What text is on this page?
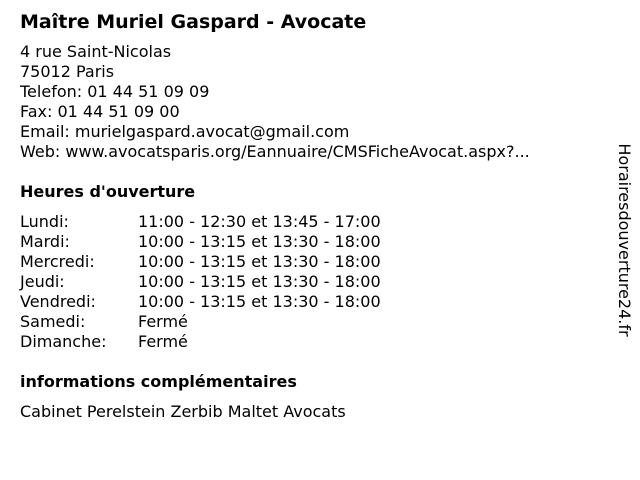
Maître Muriel Gaspard - Avocate
4 rue Saint-Nicolas
75012 Paris
Telefon: 01 44 51 09 09
Fax: 01 44 51 09 00
Email: murielgaspard.avocat@gmail.com
Web: www.avocatsparis.org/Eannuaire/CMSFicheAvocat.aspx?...
Heures d'ouverture
Lundi:	11:00 - 12:30 et 13:45 - 17:00
Mardi:	10:00 - 13:15 et 13:30 - 18:00
Mercredi:	10:00 - 13:15 et 13:30 - 18:00
Jeudi:	10:00 - 13:15 et 13:30 - 18:00
Vendredi:	10:00 - 13:15 et 13:30 - 18:00
Samedi:	Fermé
Dimanche:	Fermé
informations complémentaires
Cabinet Perelstein Zerbib Maltet Avocats
Horairesdouverture24.fr
